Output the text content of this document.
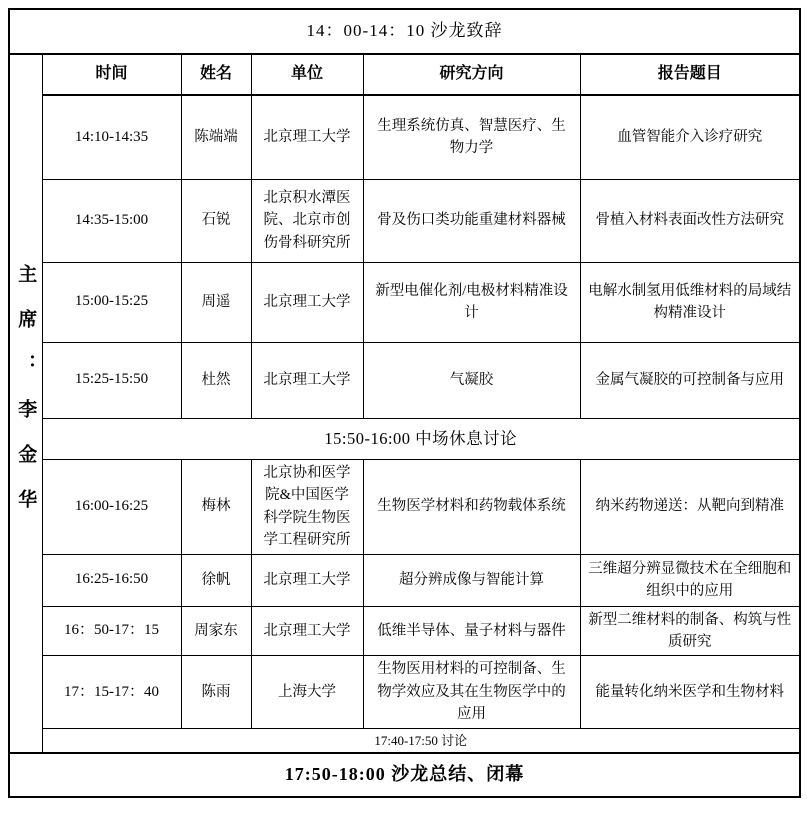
14：00-14：10 沙龙致辞					
主席：李金华	时间	姓名	单位	研究方向	报告题目
	14:10-14:35	陈端端	北京理工大学	生理系统仿真、智慧医疗、生物力学	血管智能介入诊疗研究
	14:35-15:00	石锐	北京积水潭医院、北京市创伤骨科研究所	骨及伤口类功能重建材料器械	骨植入材料表面改性方法研究
	15:00-15:25	周遥	北京理工大学	新型电催化剂/电极材料精准设计	电解水制氢用低维材料的局域结构精准设计
	15:25-15:50	杜然	北京理工大学	气凝胶	金属气凝胶的可控制备与应用
	15:50-16:00 中场休息讨论				
	16:00-16:25	梅林	北京协和医学院&中国医学科学院生物医学工程研究所	生物医学材料和药物载体系统	纳米药物递送：从靶向到精准
	16:25-16:50	徐帆	北京理工大学	超分辨成像与智能计算	三维超分辨显微技术在全细胞和组织中的应用
	16：50-17：15	周家东	北京理工大学	低维半导体、量子材料与器件	新型二维材料的制备、构筑与性质研究
	17：15-17：40	陈雨	上海大学	生物医用材料的可控制备、生物学效应及其在生物医学中的应用	能量转化纳米医学和生物材料
	17:40-17:50 讨论				
17:50-18:00 沙龙总结、闭幕					
